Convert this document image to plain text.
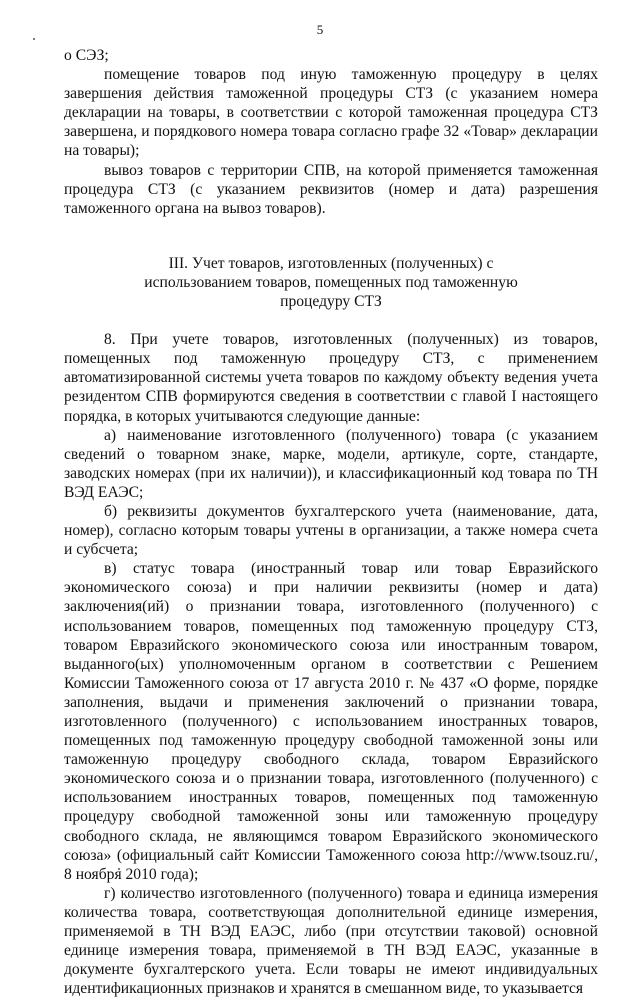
5

о СЭЗ;

помещение товаров под иную таможенную процедуру в целях завершения действия таможенной процедуры СТЗ (с указанием номера декларации на товары, в соответствии с которой таможенная процедура СТЗ завершена, и порядкового номера товара согласно графе 32 «Товар» декларации на товары);

вывоз товаров с территории СПВ, на которой применяется таможенная процедура СТЗ (с указанием реквизитов (номер и дата) разрешения таможенного органа на вывоз товаров).

III. Учет товаров, изготовленных (полученных) с
использованием товаров, помещенных под таможенную
процедуру СТЗ

8. При учете товаров, изготовленных (полученных) из товаров, помещенных под таможенную процедуру СТЗ, с применением автоматизированной системы учета товаров по каждому объекту ведения учета резидентом СПВ формируются сведения в соответствии с главой I настоящего порядка, в которых учитываются следующие данные:

а) наименование изготовленного (полученного) товара (с указанием сведений о товарном знаке, марке, модели, артикуле, сорте, стандарте, заводских номерах (при их наличии)), и классификационный код товара по ТН ВЭД ЕАЭС;

б) реквизиты документов бухгалтерского учета (наименование, дата, номер), согласно которым товары учтены в организации, а также номера счета и субсчета;

в) статус товара (иностранный товар или товар Евразийского экономического союза) и при наличии реквизиты (номер и дата) заключения(ий) о признании товара, изготовленного (полученного) с использованием товаров, помещенных под таможенную процедуру СТЗ, товаром Евразийского экономического союза или иностранным товаром, выданного(ых) уполномоченным органом в соответствии с Решением Комиссии Таможенного союза от 17 августа 2010 г. № 437 «О форме, порядке заполнения, выдачи и применения заключений о признании товара, изготовленного (полученного) с использованием иностранных товаров, помещенных под таможенную процедуру свободной таможенной зоны или таможенную процедуру свободного склада, товаром Евразийского экономического союза и о признании товара, изготовленного (полученного) с использованием иностранных товаров, помещенных под таможенную процедуру свободной таможенной зоны или таможенную процедуру свободного склада, не являющимся товаром Евразийского экономического союза» (официальный сайт Комиссии Таможенного союза http://www.tsouz.ru/, 8 ноября 2010 года);

г) количество изготовленного (полученного) товара и единица измерения количества товара, соответствующая дополнительной единице измерения, применяемой в ТН ВЭД ЕАЭС, либо (при отсутствии таковой) основной единице измерения товара, применяемой в ТН ВЭД ЕАЭС, указанные в документе бухгалтерского учета. Если товары не имеют индивидуальных идентификационных признаков и хранятся в смешанном виде, то указывается
